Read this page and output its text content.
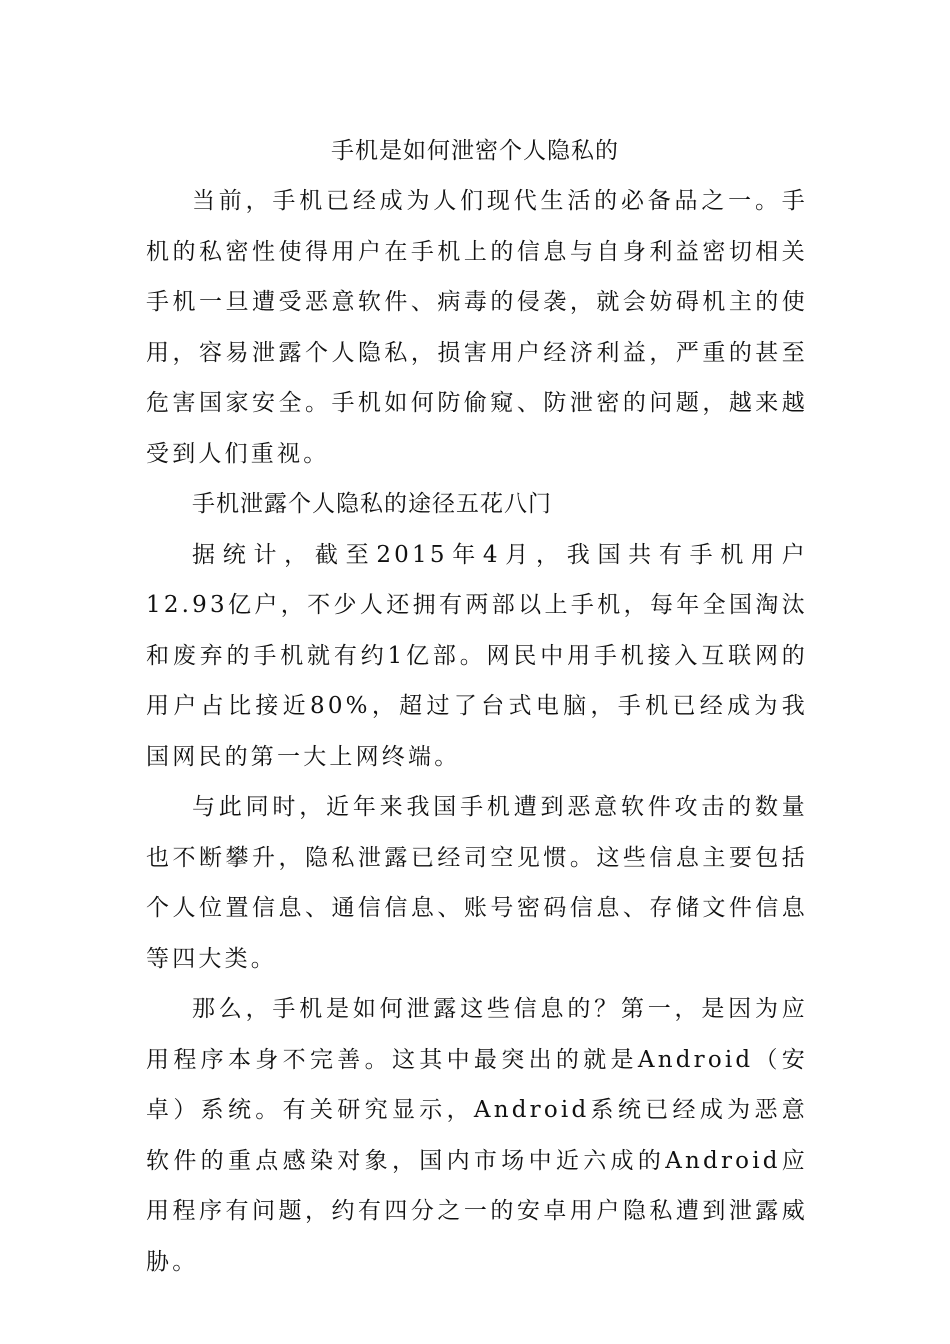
手机是如何泄密个人隐私的

当前，手机已经成为人们现代生活的必备品之一。手机的私密性使得用户在手机上的信息与自身利益密切相关手机一旦遭受恶意软件、病毒的侵袭，就会妨碍机主的使用，容易泄露个人隐私，损害用户经济利益，严重的甚至危害国家安全。手机如何防偷窥、防泄密的问题，越来越受到人们重视。

手机泄露个人隐私的途径五花八门

据统计，截至2015年4月，我国共有手机用户12.93亿户，不少人还拥有两部以上手机，每年全国淘汰和废弃的手机就有约1亿部。网民中用手机接入互联网的用户占比接近80%，超过了台式电脑，手机已经成为我国网民的第一大上网终端。

与此同时，近年来我国手机遭到恶意软件攻击的数量也不断攀升，隐私泄露已经司空见惯。这些信息主要包括个人位置信息、通信信息、账号密码信息、存储文件信息等四大类。

那么，手机是如何泄露这些信息的？第一，是因为应用程序本身不完善。这其中最突出的就是Android（安卓）系统。有关研究显示，Android系统已经成为恶意软件的重点感染对象，国内市场中近六成的Android应用程序有问题，约有四分之一的安卓用户隐私遭到泄露威胁。
